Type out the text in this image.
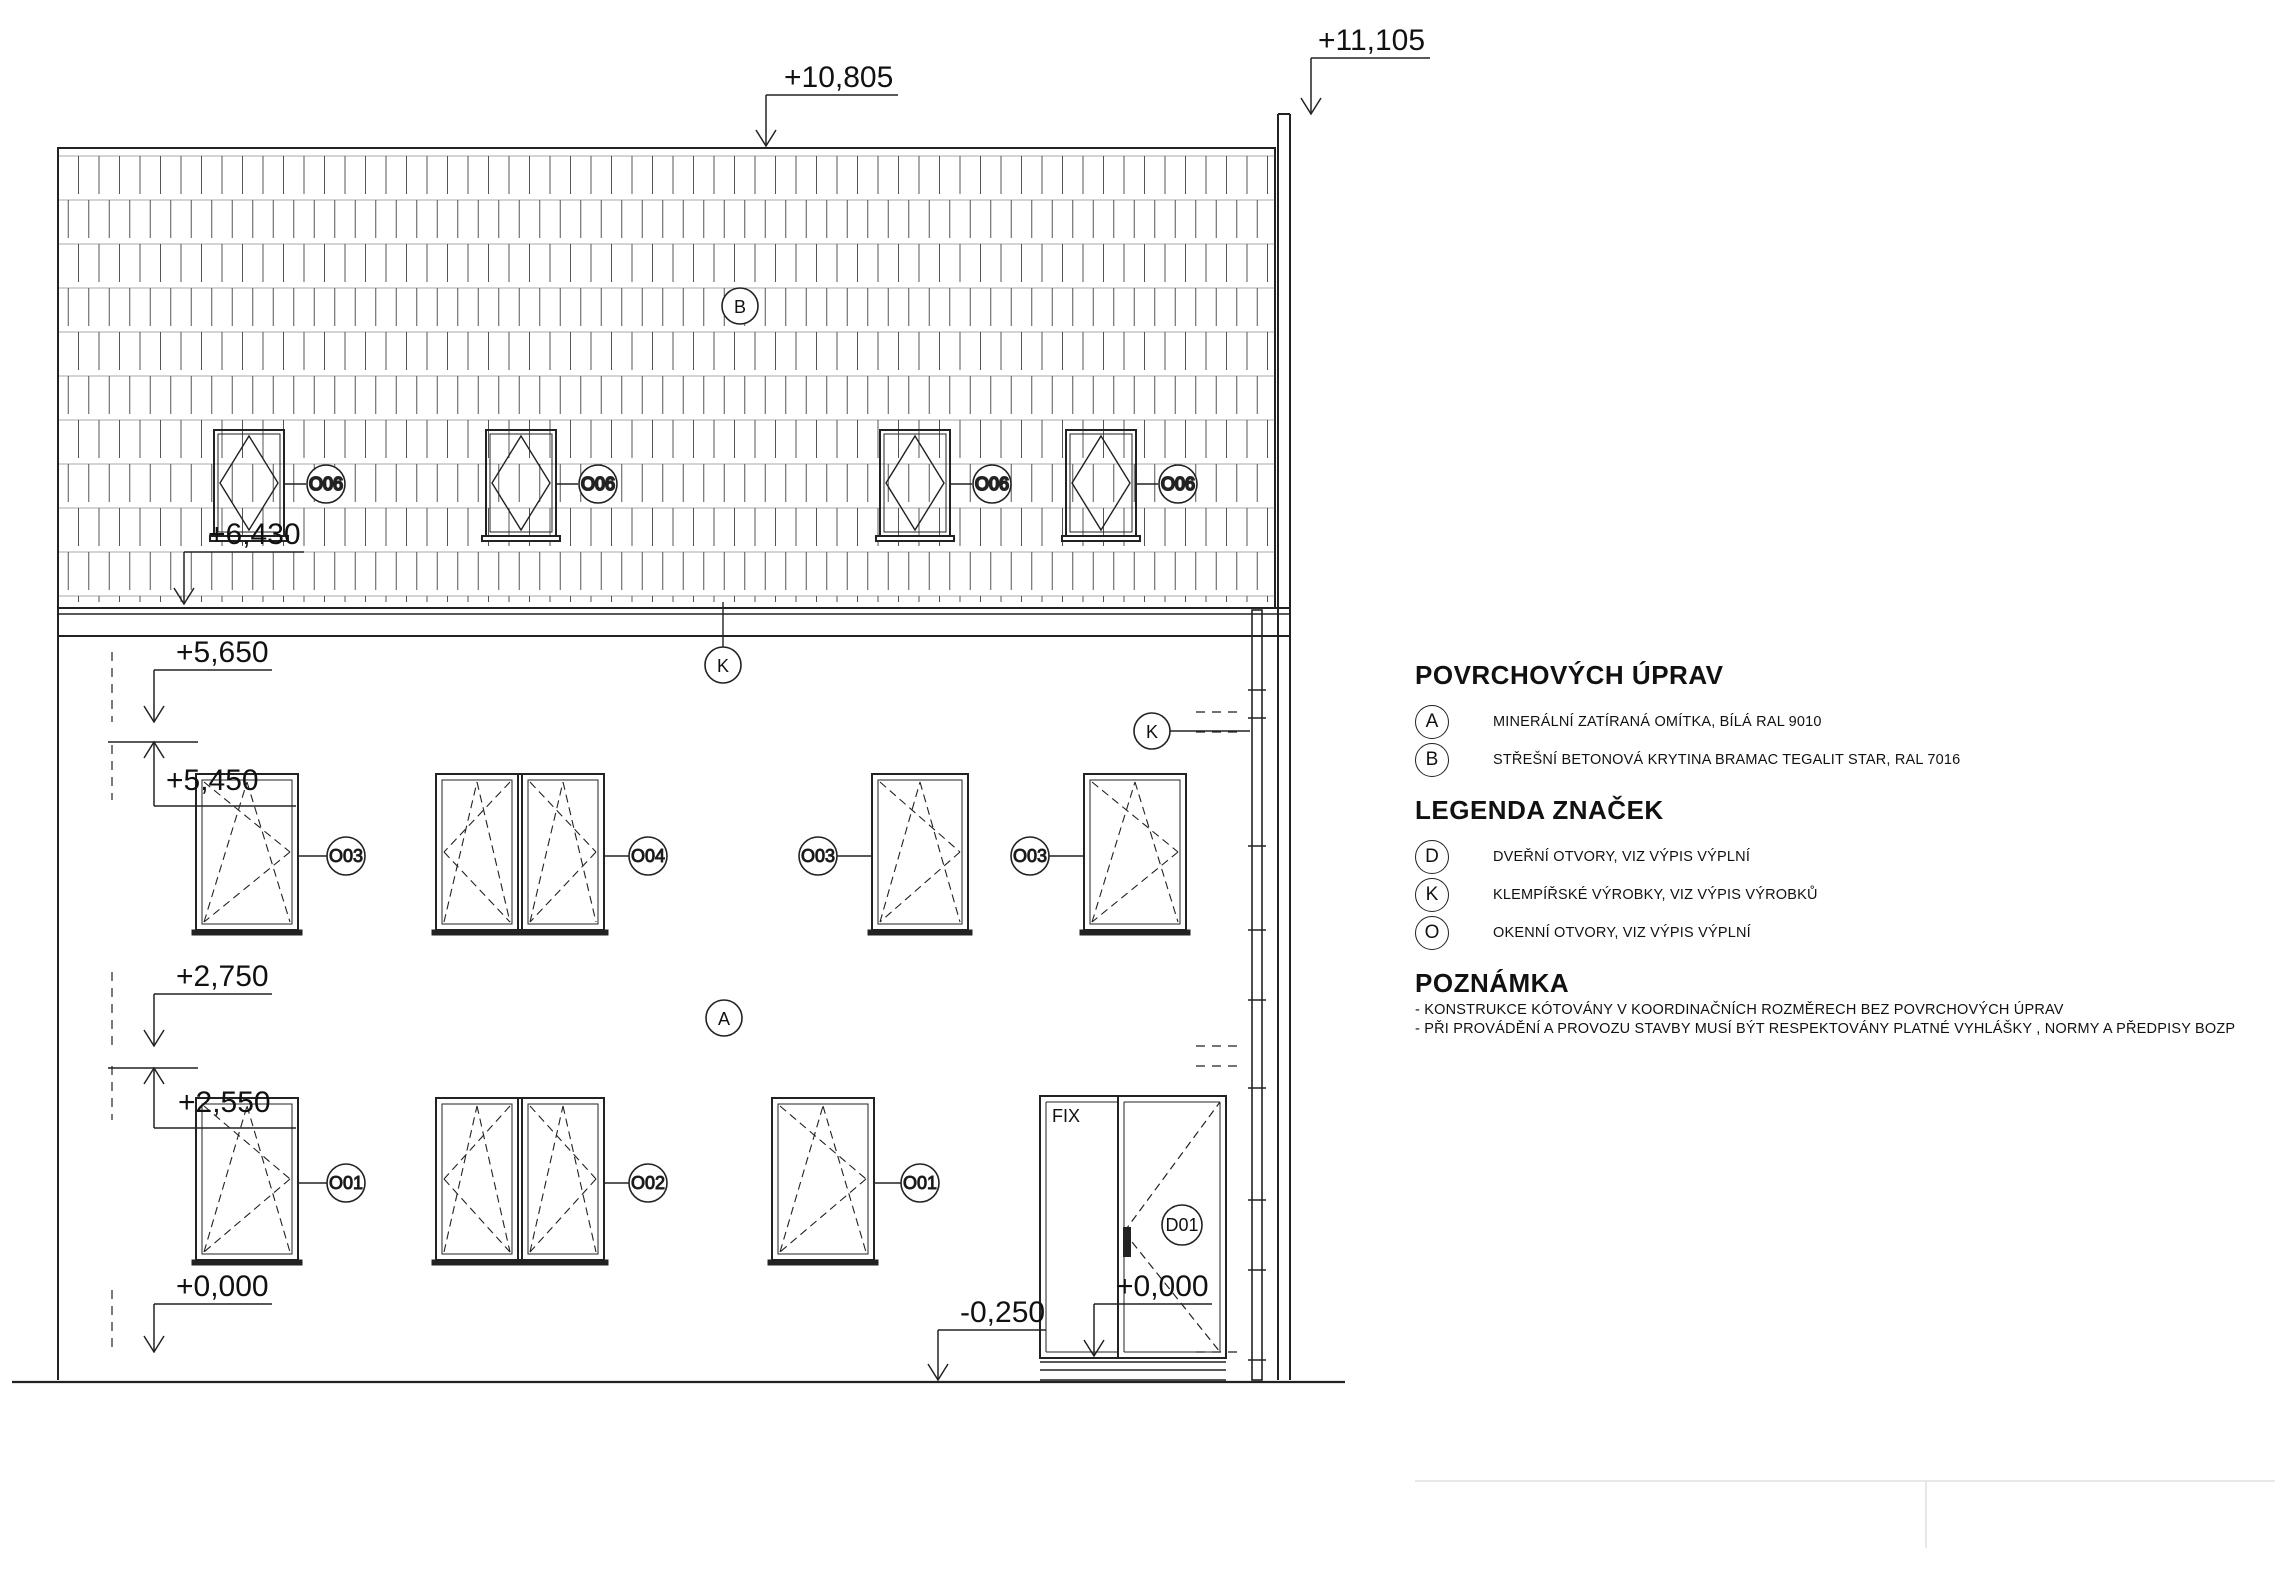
O06	O06	O06	O06
O03	O04	O03	O03
O01	O02	O01
FIX
+10,805
+11,105
+6,430
+5,650
+2,750
+0,000
-0,250
+0,000
+5,450
+2,550
B
K
A
K
D01
POVRCHOVÝCH ÚPRAV
A	MINERÁLNÍ ZATÍRANÁ OMÍTKA, BÍLÁ RAL 9010
B	STŘEŠNÍ BETONOVÁ KRYTINA BRAMAC TEGALIT STAR, RAL 7016
LEGENDA ZNAČEK
D	DVEŘNÍ OTVORY, VIZ VÝPIS VÝPLNÍ
K	KLEMPÍŘSKÉ VÝROBKY, VIZ VÝPIS VÝROBKŮ
O	OKENNÍ OTVORY, VIZ VÝPIS VÝPLNÍ
POZNÁMKA
- KONSTRUKCE KÓTOVÁNY V KOORDINAČNÍCH ROZMĚRECH BEZ POVRCHOVÝCH ÚPRAV
- PŘI PROVÁDĚNÍ A PROVOZU STAVBY MUSÍ BÝT RESPEKTOVÁNY PLATNÉ VYHLÁŠKY , NORMY A PŘEDPISY BOZP
